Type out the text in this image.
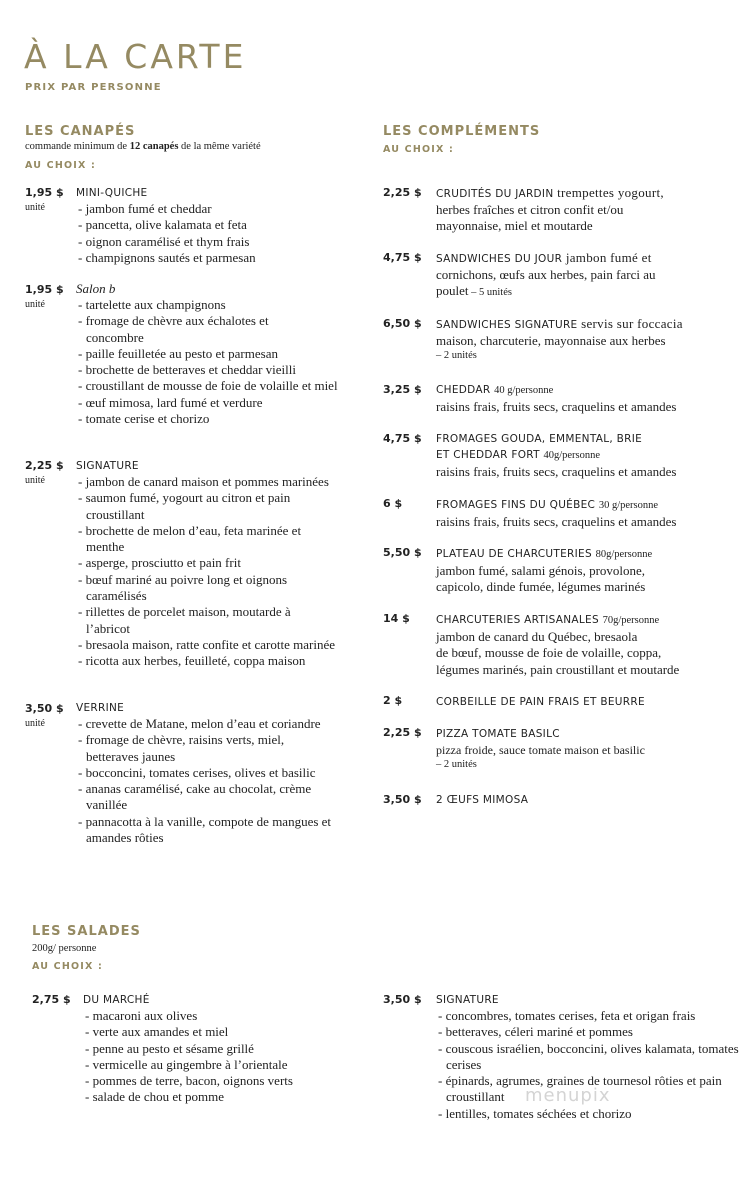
À LA CARTE
PRIX PAR PERSONNE
LES CANAPÉS
commande minimum de 12 canapés de la même variété
AU CHOIX :
1,95 $
unité
MINI-QUICHE
- jambon fumé et cheddar
- pancetta, olive kalamata et feta
- oignon caramélisé et thym frais
- champignons sautés et parmesan
1,95 $
unité
Salon b
- tartelette aux champignons
- fromage de chèvre aux échalotes et concombre
- paille feuilletée au pesto et parmesan
- brochette de betteraves et cheddar vieilli
- croustillant de mousse de foie de volaille et miel
- œuf mimosa, lard fumé et verdure
- tomate cerise et chorizo
2,25 $
unité
SIGNATURE
- jambon de canard maison et pommes marinées
- saumon fumé, yogourt au citron et pain croustillant
- brochette de melon d’eau, feta marinée et menthe
- asperge, prosciutto et pain frit
- bœuf mariné au poivre long et oignons caramélisés
- rillettes de porcelet maison, moutarde à l’abricot
- bresaola maison, ratte confite et carotte marinée
- ricotta aux herbes, feuilleté, coppa maison
3,50 $
unité
VERRINE
- crevette de Matane, melon d’eau et coriandre
- fromage de chèvre, raisins verts, miel, betteraves jaunes
- bocconcini, tomates cerises, olives et basilic
- ananas caramélisé, cake au chocolat, crème vanillée
- pannacotta à la vanille, compote de mangues et amandes rôties
LES COMPLÉMENTS
AU CHOIX :
2,25 $ CRUDITÉS DU JARDIN trempettes yogourt,
herbes fraîches et citron confit et/ou
mayonnaise, miel et moutarde
4,75 $ SANDWICHES DU JOUR jambon fumé et
cornichons, œufs aux herbes, pain farci au
poulet – 5 unités
6,50 $ SANDWICHES SIGNATURE servis sur foccacia
maison, charcuterie, mayonnaise aux herbes
– 2 unités
3,25 $ CHEDDAR 40 g/personne
raisins frais, fruits secs, craquelins et amandes
4,75 $ FROMAGES GOUDA, EMMENTAL, BRIE
ET CHEDDAR FORT 40g/personne
raisins frais, fruits secs, craquelins et amandes
6 $	FROMAGES FINS DU QUÉBEC 30 g/personne
raisins frais, fruits secs, craquelins et amandes
5,50 $ PLATEAU DE CHARCUTERIES 80g/personne
jambon fumé, salami génois, provolone,
capicolo, dinde fumée, légumes marinés
14 $ CHARCUTERIES ARTISANALES 70g/personne
jambon de canard du Québec, bresaola
de bœuf, mousse de foie de volaille, coppa,
légumes marinés, pain croustillant et moutarde
2 $	CORBEILLE DE PAIN FRAIS ET BEURRE
2,25 $ PIZZA TOMATE BASILC
pizza froide, sauce tomate maison et basilic
– 2 unités
3,50 $ 2 ŒUFS MIMOSA
LES SALADES
200g/ personne
AU CHOIX :
2,75 $ DU MARCHÉ
- macaroni aux olives
- verte aux amandes et miel
- penne au pesto et sésame grillé
- vermicelle au gingembre à l’orientale
- pommes de terre, bacon, oignons verts
- salade de chou et pomme
3,50 $ SIGNATURE
- concombres, tomates cerises, feta et origan frais
- betteraves, céleri mariné et pommes
- couscous israélien, bocconcini, olives kalamata, tomates cerises
- épinards, agrumes, graines de tournesol rôties et pain croustillant
- lentilles, tomates séchées et chorizo
menupix
